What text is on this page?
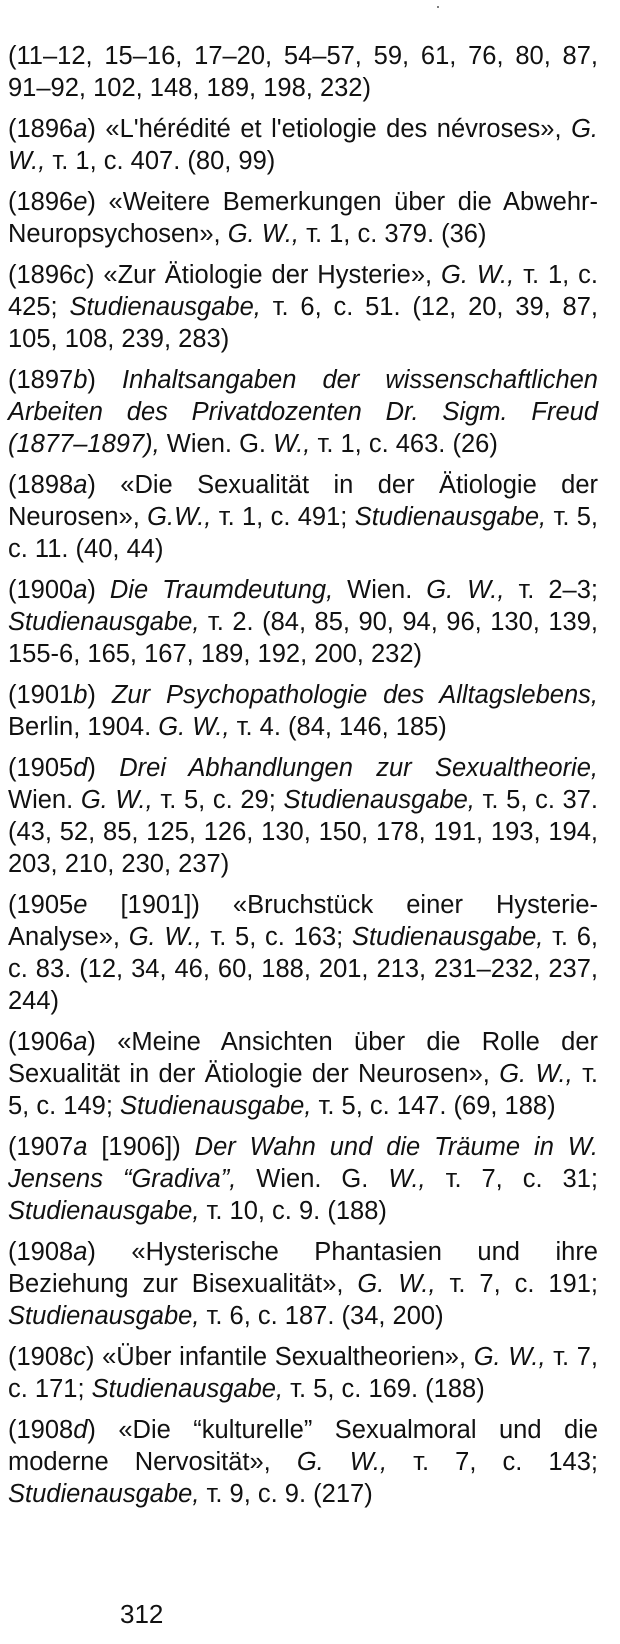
(11–12, 15–16, 17–20, 54–57, 59, 61, 76, 80, 87, 91–92, 102, 148, 189, 198, 232)

(1896a) «L'hérédité et l'etiologie des névroses», G. W., т. 1, с. 407. (80, 99)

(1896e) «Weitere Bemerkungen über die Abwehr-Neuropsychosen», G. W., т. 1, с. 379. (36)

(1896c) «Zur Ätiologie der Hysterie», G. W., т. 1, с. 425; Studienausgabe, т. 6, с. 51. (12, 20, 39, 87, 105, 108, 239, 283)

(1897b) Inhaltsangaben der wissenschaftlichen Arbeiten des Privatdozenten Dr. Sigm. Freud (1877–1897), Wien. G. W., т. 1, с. 463. (26)

(1898a) «Die Sexualität in der Ätiologie der Neurosen», G.W., т. 1, с. 491; Studienausgabe, т. 5, с. 11. (40, 44)

(1900a) Die Traumdeutung, Wien. G. W., т. 2–3; Studienausgabe, т. 2. (84, 85, 90, 94, 96, 130, 139, 155-6, 165, 167, 189, 192, 200, 232)

(1901b) Zur Psychopathologie des Alltagslebens, Berlin, 1904. G. W., т. 4. (84, 146, 185)

(1905d) Drei Abhandlungen zur Sexualtheorie, Wien. G. W., т. 5, с. 29; Studienausgabe, т. 5, с. 37. (43, 52, 85, 125, 126, 130, 150, 178, 191, 193, 194, 203, 210, 230, 237)

(1905e [1901]) «Bruchstück einer Hysterie-Analyse», G. W., т. 5, с. 163; Studienausgabe, т. 6, с. 83. (12, 34, 46, 60, 188, 201, 213, 231–232, 237, 244)

(1906a) «Meine Ansichten über die Rolle der Sexualität in der Ätiologie der Neurosen», G. W., т. 5, с. 149; Studienausgabe, т. 5, с. 147. (69, 188)

(1907a [1906]) Der Wahn und die Träume in W. Jensens “Gradiva”, Wien. G. W., т. 7, с. 31; Studienausgabe, т. 10, с. 9. (188)

(1908a) «Hysterische Phantasien und ihre Beziehung zur Bisexualität», G. W., т. 7, с. 191; Studienausgabe, т. 6, с. 187. (34, 200)

(1908c) «Über infantile Sexualtheorien», G. W., т. 7, с. 171; Studienausgabe, т. 5, с. 169. (188)

(1908d) «Die “kulturelle” Sexualmoral und die moderne Nervosität», G. W., т. 7, с. 143; Studienausgabe, т. 9, с. 9. (217)

312
